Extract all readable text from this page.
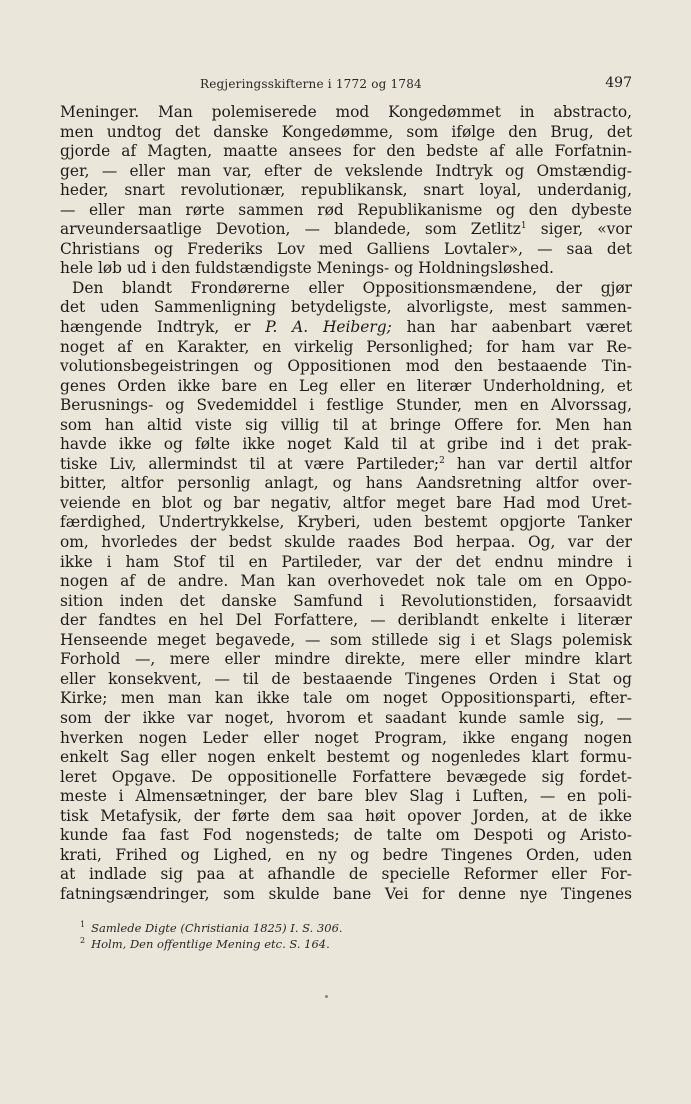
Regjeringsskifterne i 1772 og 1784	497
Meninger. Man polemiserede mod Kongedømmet in abstracto,
men undtog det danske Kongedømme, som ifølge den Brug, det
gjorde af Magten, maatte ansees for den bedste af alle Forfatnin-
ger, — eller man var, efter de vekslende Indtryk og Omstændig-
heder, snart revolutionær, republikansk, snart loyal, underdanig,
— eller man rørte sammen rød Republikanisme og den dybeste
arveundersaatlige Devotion, — blandede, som Zetlitz$^1$ siger, «vor
Christians og Frederiks Lov med Galliens Lovtaler», — saa det
hele løb ud i den fuldstændigste Menings- og Holdningsløshed.
Den blandt Frondørerne eller Oppositionsmændene, der gjør
det uden Sammenligning betydeligste, alvorligste, mest sammen-
hængende Indtryk, er P. A. Heiberg; han har aabenbart været
noget af en Karakter, en virkelig Personlighed; for ham var Re-
volutionsbegeistringen og Oppositionen mod den bestaaende Tin-
genes Orden ikke bare en Leg eller en literær Underholdning, et
Berusnings- og Svedemiddel i festlige Stunder, men en Alvorssag,
som han altid viste sig villig til at bringe Offere for. Men han
havde ikke og følte ikke noget Kald til at gribe ind i det prak-
tiske Liv, allermindst til at være Partileder;$^2$ han var dertil altfor
bitter, altfor personlig anlagt, og hans Aandsretning altfor over-
veiende en blot og bar negativ, altfor meget bare Had mod Uret-
færdighed, Undertrykkelse, Kryberi, uden bestemt opgjorte Tanker
om, hvorledes der bedst skulde raades Bod herpaa. Og, var der
ikke i ham Stof til en Partileder, var der det endnu mindre i
nogen af de andre. Man kan overhovedet nok tale om en Oppo-
sition inden det danske Samfund i Revolutionstiden, forsaavidt
der fandtes en hel Del Forfattere, — deriblandt enkelte i literær
Henseende meget begavede, — som stillede sig i et Slags polemisk
Forhold —, mere eller mindre direkte, mere eller mindre klart
eller konsekvent, — til de bestaaende Tingenes Orden i Stat og
Kirke; men man kan ikke tale om noget Oppositionsparti, efter-
som der ikke var noget, hvorom et saadant kunde samle sig, —
hverken nogen Leder eller noget Program, ikke engang nogen
enkelt Sag eller nogen enkelt bestemt og nogenledes klart formu-
leret Opgave. De oppositionelle Forfattere bevægede sig fordet-
meste i Almensætninger, der bare blev Slag i Luften, — en poli-
tisk Metafysik, der førte dem saa høit opover Jorden, at de ikke
kunde faa fast Fod nogensteds; de talte om Despoti og Aristo-
krati, Frihed og Lighed, en ny og bedre Tingenes Orden, uden
at indlade sig paa at afhandle de specielle Reformer eller For-
fatningsændringer, som skulde bane Vei for denne nye Tingenes
$^1$ Samlede Digte (Christiania 1825) I. S. 306.
$^2$ Holm, Den offentlige Mening etc. S. 164.
